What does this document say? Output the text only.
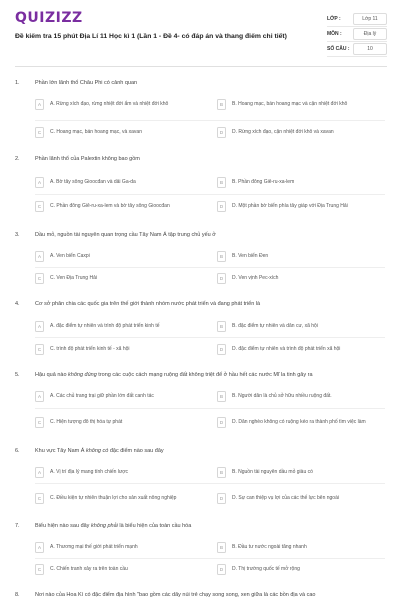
QUIZIZZ
Đề kiểm tra 15 phút Địa Lí 11 Học kì 1 (Lần 1 - Đề 4- có đáp án và thang điểm chi tiết)
LỚP :	Lớp 11
MÔN :	Địa lý
SỐ CÂU :	10
1.	Phần lớn lãnh thổ Châu Phi có cảnh quan
A	A. Rừng xích đạo, rừng nhiệt đới ẩm và nhiệt đới khô	B	B. Hoang mạc, bán hoang mạc và cận nhiệt đới khô
C	C. Hoang mạc, bán hoang mạc, và xavan	D	D. Rừng xích đạo, cận nhiệt đới khô và xavan
2.	Phần lãnh thổ của Palextin không bao gồm
A	A. Bờ tây sông Gioocđan và dải Ga-da	B	B. Phần đông Giê-ru-xa-lem
C	C. Phần đông Giê-ru-xa-lem và bờ tây sông Gioocđan	D	D. Một phần bờ biển phía tây giáp với Địa Trung Hải
3.	Dầu mỏ, nguồn tài nguyên quan trọng cầu Tây Nam Á tập trung chủ yếu ở
A	A. Ven biển Caxpi	B	B. Ven biển Đen
C	C. Ven Địa Trung Hải	D	D. Ven vịnh Pec-xích
4.	Cơ sở phân chia các quốc gia trên thế giới thành nhóm nước phát triển và đang phát triển là
A	A. đặc điểm tự nhiên và trình độ phát triển kinh tế	B	B. đặc điểm tự nhiên và dân cư, xã hội
C	C. trình độ phát triển kinh tế - xã hội	D	D. đặc điểm tự nhiên và trình độ phát triển xã hội
5.	Hậu quả nào không đúng trong các cuộc cách mạng ruộng đất không triệt để ở hầu hết các nước Mĩ la tinh gây ra
A	A. Các chủ trang trại giữ phần lớn đất canh tác	B	B. Người dân là chủ sở hữu nhiều ruộng đất.
C	C. Hiện tượng đô thị hóa tự phát	D	D. Dân nghèo không có ruộng kéo ra thành phố tìm việc làm
6.	Khu vực Tây Nam Á không có đặc điểm nào sau đây
A	A. Vị trí địa lý mang tính chiến lược	B	B. Nguồn tài nguyên dầu mỏ giàu có
C	C. Điều kiện tự nhiên thuận lợi cho sản xuất nông nghiệp	D	D. Sự can thiệp vụ lợi của các thế lực bên ngoài
7.	Biểu hiện nào sau đây không phải là biểu hiện của toàn cầu hóa
A	A. Thương mại thế giới phát triển mạnh	B	B. Đầu tư nước ngoài tăng nhanh
C	C. Chiến tranh xảy ra trên toàn cầu	D	D. Thị trường quốc tế mở rộng
8.	Nơi nào của Hoa Kì có đặc điểm địa hình "bao gồm các dãy núi trẻ chạy song song, xen giữa là các bồn địa và cao
